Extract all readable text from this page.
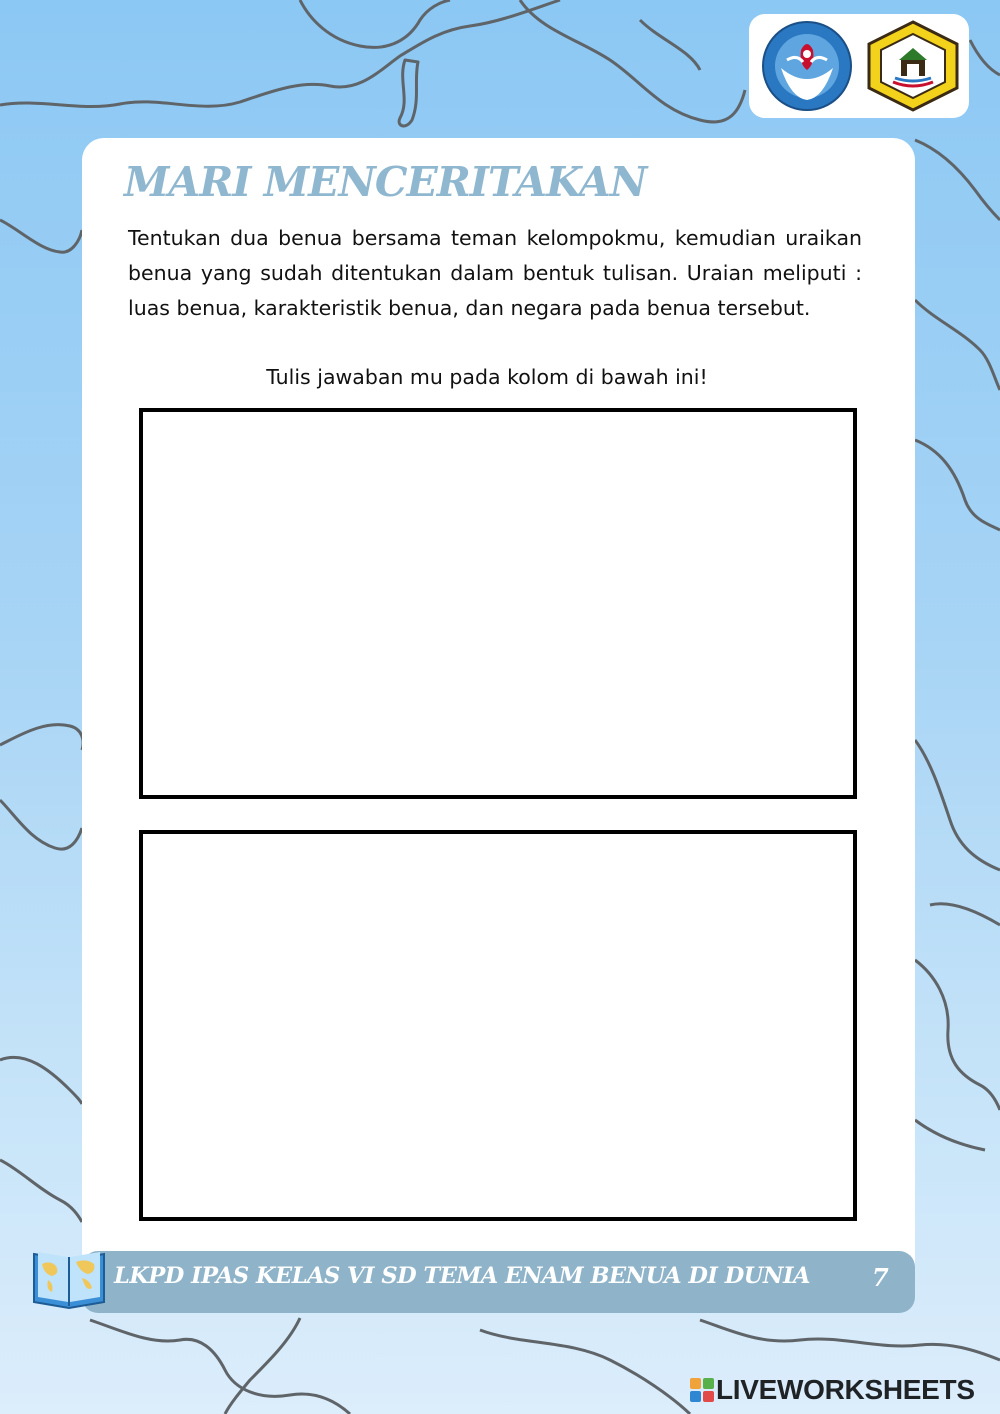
MARI MENCERITAKAN

Tentukan dua benua bersama teman kelompokmu, kemudian uraikan benua yang sudah ditentukan dalam bentuk tulisan. Uraian meliputi : luas benua, karakteristik benua, dan negara pada benua tersebut.

Tulis jawaban mu pada kolom di bawah ini!
LKPD IPAS KELAS VI SD TEMA ENAM BENUA DI DUNIA	7
LIVEWORKSHEETS
